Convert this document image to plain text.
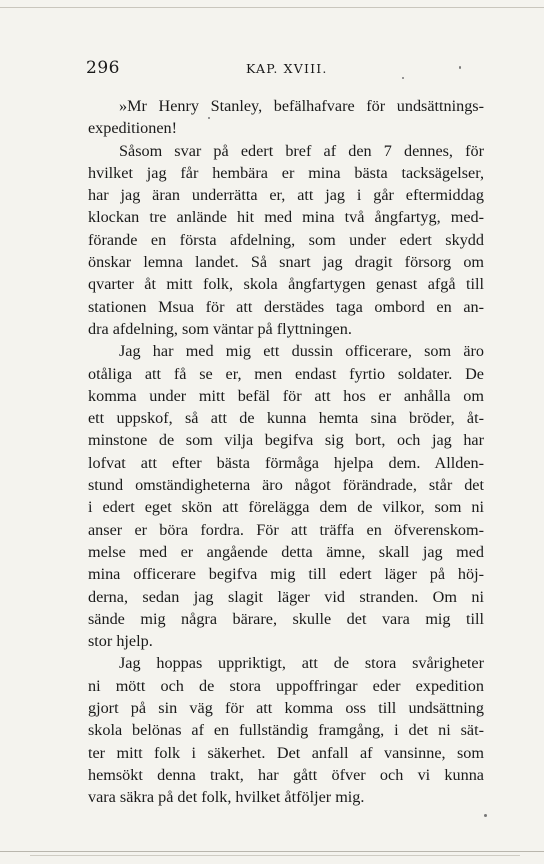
296	KAP. XVIII.
»Mr Henry Stanley, befälhafvare för undsättnings-
expeditionen!
Såsom svar på edert bref af den 7 dennes, för
hvilket jag får hembära er mina bästa tacksägelser,
har jag äran underrätta er, att jag i går eftermiddag
klockan tre anlände hit med mina två ångfartyg, med-
förande en första afdelning, som under edert skydd
önskar lemna landet. Så snart jag dragit försorg om
qvarter åt mitt folk, skola ångfartygen genast afgå till
stationen Msua för att derstädes taga ombord en an-
dra afdelning, som väntar på flyttningen.
Jag har med mig ett dussin officerare, som äro
otåliga att få se er, men endast fyrtio soldater. De
komma under mitt befäl för att hos er anhålla om
ett uppskof, så att de kunna hemta sina bröder, åt-
minstone de som vilja begifva sig bort, och jag har
lofvat att efter bästa förmåga hjelpa dem. Allden-
stund omständigheterna äro något förändrade, står det
i edert eget skön att förelägga dem de vilkor, som ni
anser er böra fordra. För att träffa en öfverenskom-
melse med er angående detta ämne, skall jag med
mina officerare begifva mig till edert läger på höj-
derna, sedan jag slagit läger vid stranden. Om ni
sände mig några bärare, skulle det vara mig till
stor hjelp.
Jag hoppas uppriktigt, att de stora svårigheter
ni mött och de stora uppoffringar eder expedition
gjort på sin väg för att komma oss till undsättning
skola belönas af en fullständig framgång, i det ni sät-
ter mitt folk i säkerhet. Det anfall af vansinne, som
hemsökt denna trakt, har gått öfver och vi kunna
vara säkra på det folk, hvilket åtföljer mig.
